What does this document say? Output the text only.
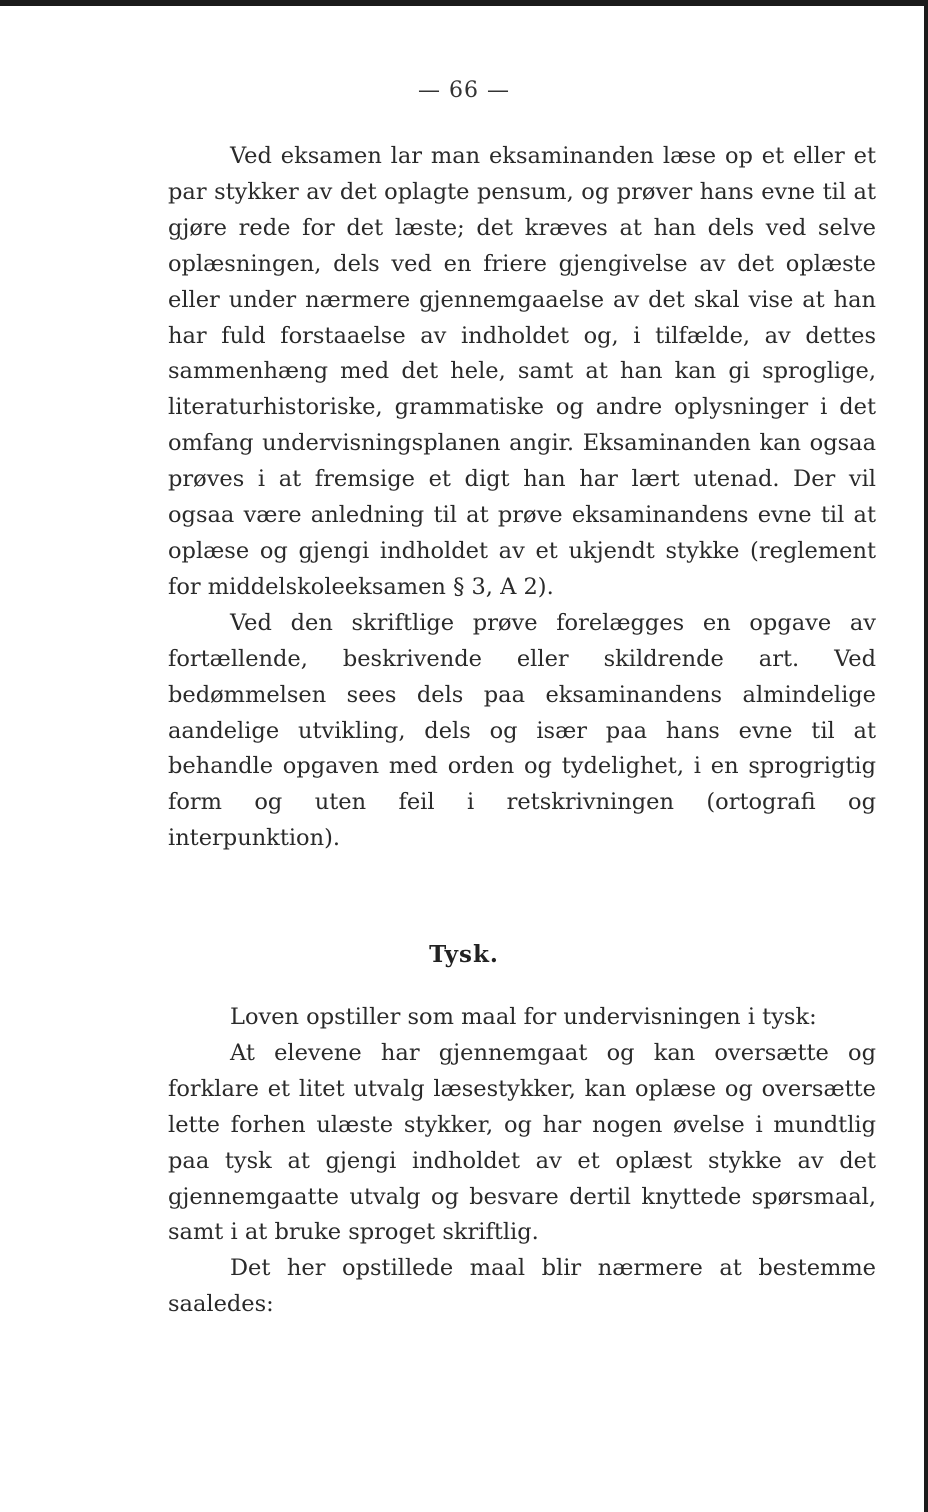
— 66 —

Ved eksamen lar man eksaminanden læse op et eller et par stykker av det oplagte pensum, og prøver hans evne til at gjøre rede for det læste; det kræves at han dels ved selve oplæsningen, dels ved en friere gjengivelse av det oplæste eller under nærmere gjennemgaaelse av det skal vise at han har fuld forstaaelse av indholdet og, i tilfælde, av dettes sammenhæng med det hele, samt at han kan gi sproglige, literaturhistoriske, grammatiske og andre oplysninger i det omfang undervisningsplanen angir. Eksaminanden kan ogsaa prøves i at fremsige et digt han har lært utenad. Der vil ogsaa være anledning til at prøve eksaminandens evne til at oplæse og gjengi indholdet av et ukjendt stykke (reglement for middelskoleeksamen § 3, A 2).

Ved den skriftlige prøve forelægges en opgave av fortællende, beskrivende eller skildrende art. Ved bedømmelsen sees dels paa eksaminandens almindelige aandelige utvikling, dels og især paa hans evne til at behandle opgaven med orden og tydelighet, i en sprogrigtig form og uten feil i retskrivningen (ortografi og interpunktion).

Tysk.

Loven opstiller som maal for undervisningen i tysk:

At elevene har gjennemgaat og kan oversætte og forklare et litet utvalg læsestykker, kan oplæse og oversætte lette forhen ulæste stykker, og har nogen øvelse i mundtlig paa tysk at gjengi indholdet av et oplæst stykke av det gjennemgaatte utvalg og besvare dertil knyttede spørsmaal, samt i at bruke sproget skriftlig.

Det her opstillede maal blir nærmere at bestemme saaledes:
